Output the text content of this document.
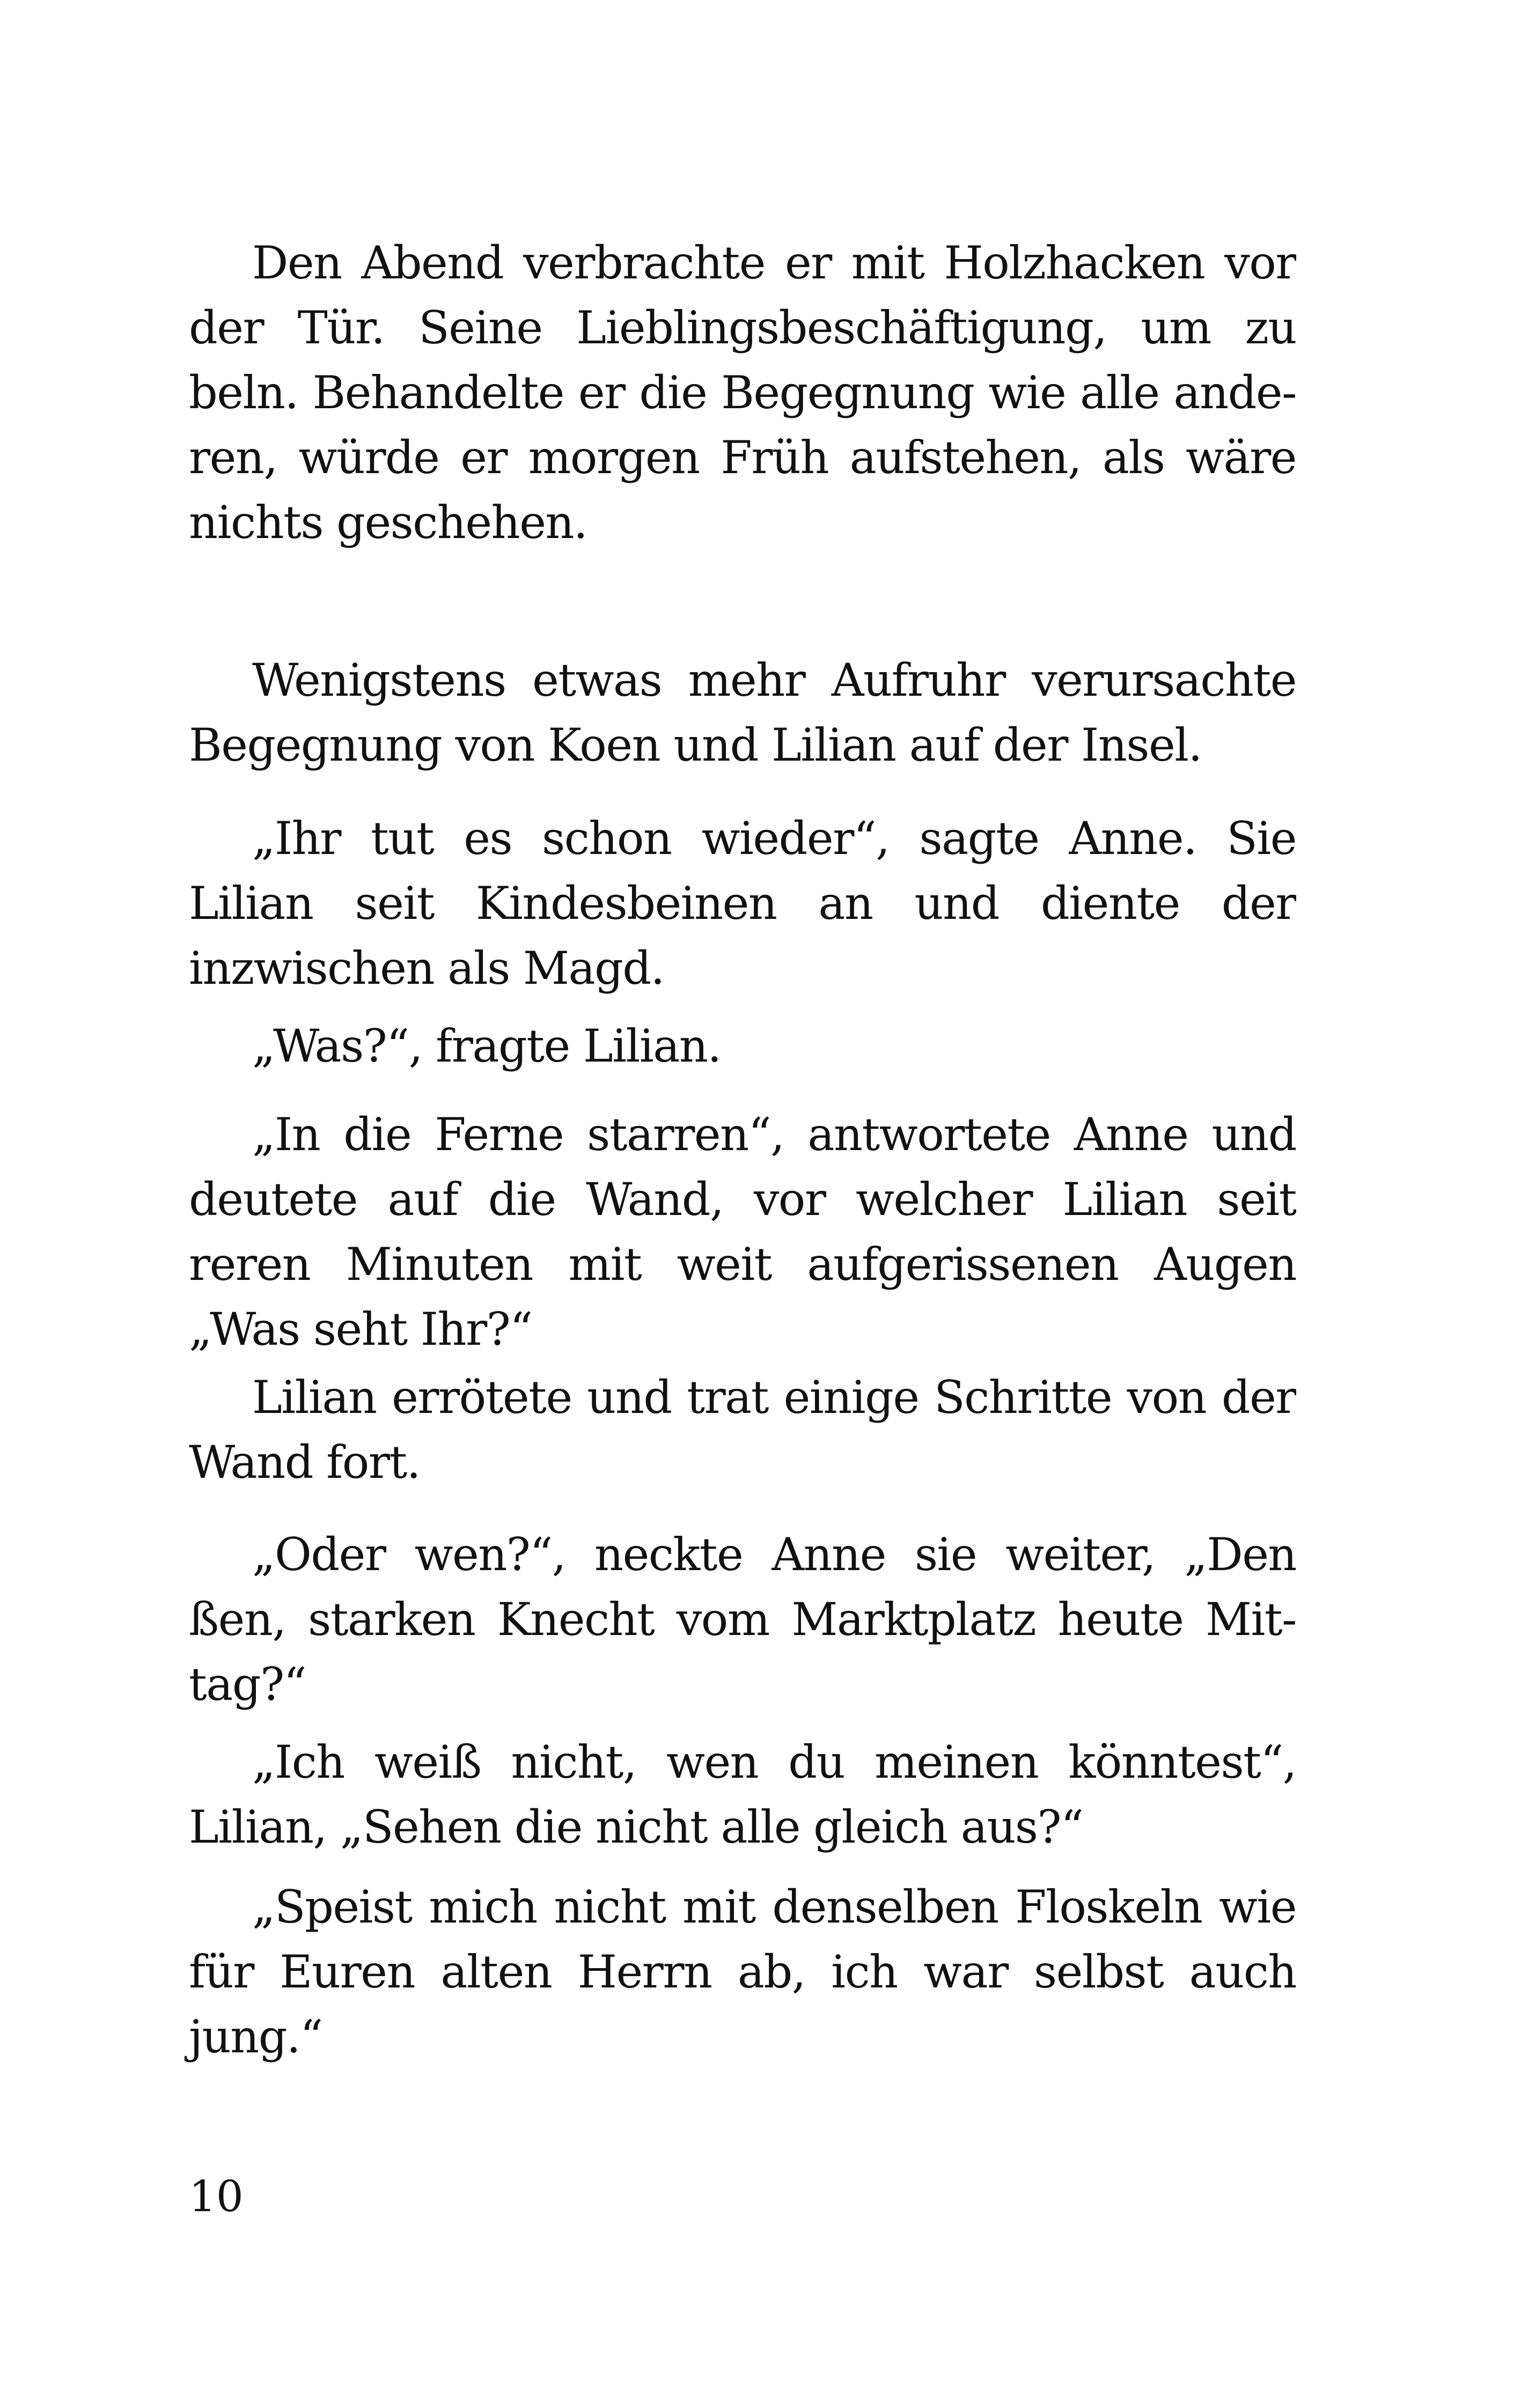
Den Abend verbrachte er mit Holzhacken vor
der Tür. Seine Lieblingsbeschäftigung, um zu
beln. Behandelte er die Begegnung wie alle ande-
ren, würde er morgen Früh aufstehen, als wäre
nichts geschehen.
Wenigstens etwas mehr Aufruhr verursachte
Begegnung von Koen und Lilian auf der Insel.
„Ihr tut es schon wieder“, sagte Anne. Sie
Lilian seit Kindesbeinen an und diente der
inzwischen als Magd.
„Was?“, fragte Lilian.
„In die Ferne starren“, antwortete Anne und
deutete auf die Wand, vor welcher Lilian seit
reren Minuten mit weit aufgerissenen Augen
„Was seht Ihr?“
Lilian errötete und trat einige Schritte von der
Wand fort.
„Oder wen?“, neckte Anne sie weiter, „Den
ßen, starken Knecht vom Marktplatz heute Mit-
tag?“
„Ich weiß nicht, wen du meinen könntest“,
Lilian, „Sehen die nicht alle gleich aus?“
„Speist mich nicht mit denselben Floskeln wie
für Euren alten Herrn ab, ich war selbst auch
jung.“
10
